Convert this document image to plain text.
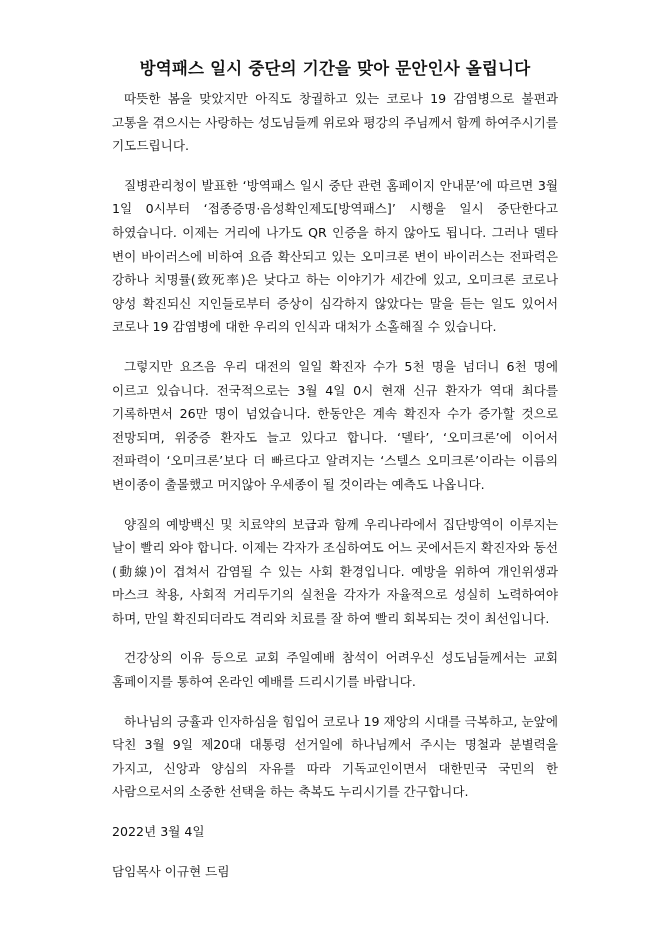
방역패스 일시 중단의 기간을 맞아 문안인사 올립니다

따뜻한 봄을 맞았지만 아직도 창궐하고 있는 코로나 19 감염병으로 불편과 고통을 겪으시는 사랑하는 성도님들께 위로와 평강의 주님께서 함께 하여주시기를 기도드립니다.

질병관리청이 발표한 ‘방역패스 일시 중단 관련 홈페이지 안내문’에 따르면 3월 1일 0시부터 ‘접종증명·음성확인제도[방역패스]’ 시행을 일시 중단한다고 하였습니다. 이제는 거리에 나가도 QR 인증을 하지 않아도 됩니다. 그러나 델타 변이 바이러스에 비하여 요즘 확산되고 있는 오미크론 변이 바이러스는 전파력은 강하나 치명률(致死率)은 낮다고 하는 이야기가 세간에 있고, 오미크론 코로나 양성 확진되신 지인들로부터 증상이 심각하지 않았다는 말을 듣는 일도 있어서 코로나 19 감염병에 대한 우리의 인식과 대처가 소홀해질 수 있습니다.

그렇지만 요즈음 우리 대전의 일일 확진자 수가 5천 명을 넘더니 6천 명에 이르고 있습니다. 전국적으로는 3월 4일 0시 현재 신규 환자가 역대 최다를 기록하면서 26만 명이 넘었습니다. 한동안은 계속 확진자 수가 증가할 것으로 전망되며, 위중증 환자도 늘고 있다고 합니다. ‘델타’, ‘오미크론’에 이어서 전파력이 ‘오미크론’보다 더 빠르다고 알려지는 ‘스텔스 오미크론’이라는 이름의 변이종이 출몰했고 머지않아 우세종이 될 것이라는 예측도 나옵니다.

양질의 예방백신 및 치료약의 보급과 함께 우리나라에서 집단방역이 이루지는 날이 빨리 와야 합니다. 이제는 각자가 조심하여도 어느 곳에서든지 확진자와 동선(動線)이 겹쳐서 감염될 수 있는 사회 환경입니다. 예방을 위하여 개인위생과 마스크 착용, 사회적 거리두기의 실천을 각자가 자율적으로 성실히 노력하여야 하며, 만일 확진되더라도 격리와 치료를 잘 하여 빨리 회복되는 것이 최선입니다.

건강상의 이유 등으로 교회 주일예배 참석이 어려우신 성도님들께서는 교회 홈페이지를 통하여 온라인 예배를 드리시기를 바랍니다.

하나님의 긍휼과 인자하심을 힘입어 코로나 19 재앙의 시대를 극복하고, 눈앞에 닥친 3월 9일 제20대 대통령 선거일에 하나님께서 주시는 명철과 분별력을 가지고, 신앙과 양심의 자유를 따라 기독교인이면서 대한민국 국민의 한 사람으로서의 소중한 선택을 하는 축복도 누리시기를 간구합니다.

2022년 3월 4일

담임목사 이규현 드림
